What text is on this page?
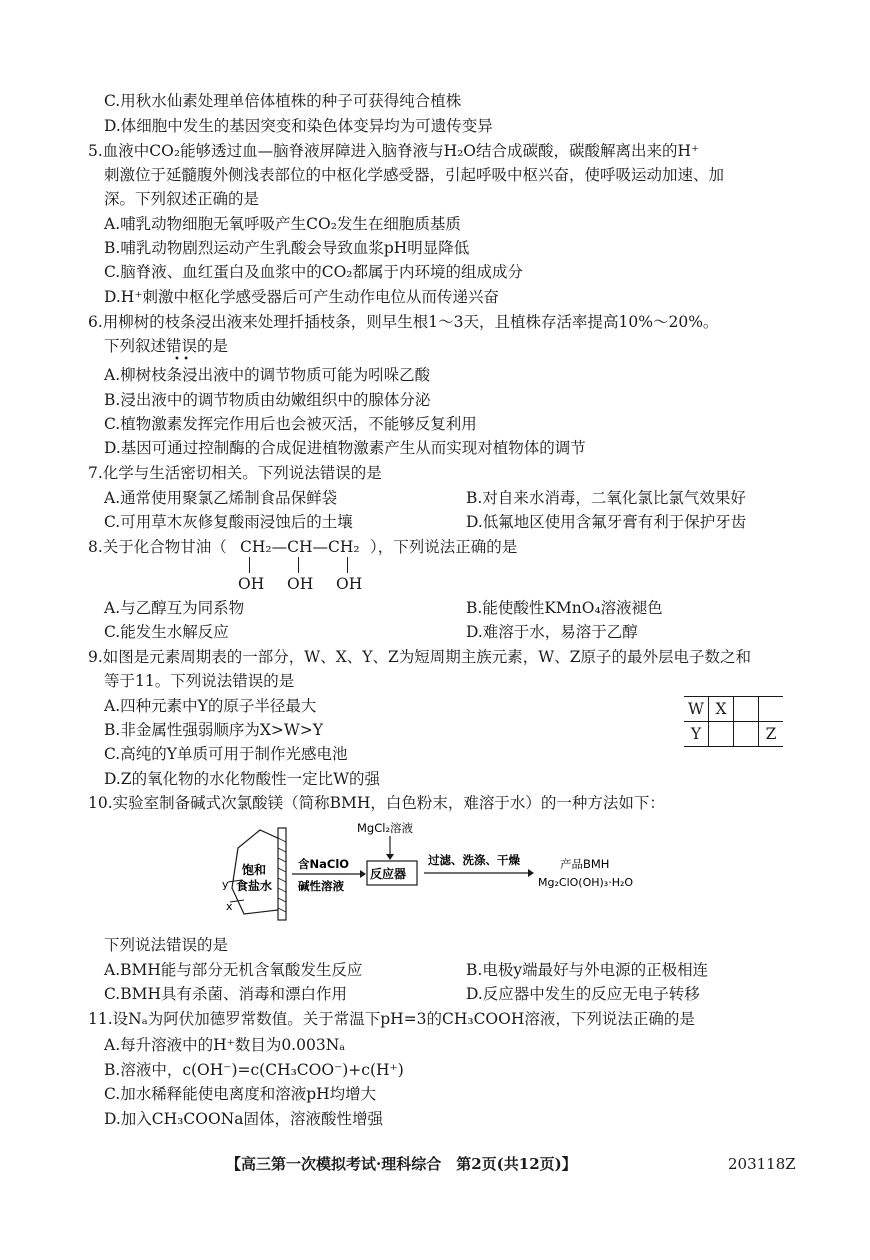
C.用秋水仙素处理单倍体植株的种子可获得纯合植株
D.体细胞中发生的基因突变和染色体变异均为可遗传变异
5.血液中CO₂能够透过血—脑脊液屏障进入脑脊液与H₂O结合成碳酸，碳酸解离出来的H⁺
刺激位于延髓腹外侧浅表部位的中枢化学感受器，引起呼吸中枢兴奋，使呼吸运动加速、加
深。下列叙述正确的是
A.哺乳动物细胞无氧呼吸产生CO₂发生在细胞质基质
B.哺乳动物剧烈运动产生乳酸会导致血浆pH明显降低
C.脑脊液、血红蛋白及血浆中的CO₂都属于内环境的组成成分
D.H⁺刺激中枢化学感受器后可产生动作电位从而传递兴奋
6.用柳树的枝条浸出液来处理扦插枝条，则早生根1～3天，且植株存活率提高10%～20%。
下列叙述错误
• •
的是
A.柳树枝条浸出液中的调节物质可能为吲哚乙酸
B.浸出液中的调节物质由幼嫩组织中的腺体分泌
C.植物激素发挥完作用后也会被灭活，不能够反复利用
D.基因可通过控制酶的合成促进植物激素产生从而实现对植物体的调节
7.化学与生活密切相关。下列说法错误的是
A.通常使用聚氯乙烯制食品保鲜袋	B.对自来水消毒，二氧化氯比氯气效果好
C.可用草木灰修复酸雨浸蚀后的土壤	D.低氟地区使用含氟牙膏有利于保护牙齿
8.关于化合物甘油（ CH₂—CH—CH₂ ），下列说法正确的是
OH OH OH
A.与乙醇互为同系物	B.能使酸性KMnO₄溶液褪色
C.能发生水解反应	D.难溶于水，易溶于乙醇
9.如图是元素周期表的一部分，W、X、Y、Z为短周期主族元素，W、Z原子的最外层电子数之和
等于11。下列说法错误的是
A.四种元素中Y的原子半径最大
B.非金属性强弱顺序为X>W>Y
C.高纯的Y单质可用于制作光感电池
D.Z的氧化物的水化物酸性一定比W的强
W	X		
Y			Z
10.实验室制备碱式次氯酸镁（简称BMH，白色粉末，难溶于水）的一种方法如下：
y
x
饱和
食盐水
含NaClO
碱性溶液
MgCl₂溶液
反应器
过滤、洗涤、干燥	产品BMH
Mg₂ClO(OH)₃·H₂O
下列说法错误的是
A.BMH能与部分无机含氧酸发生反应	B.电极y端最好与外电源的正极相连
C.BMH具有杀菌、消毒和漂白作用	D.反应器中发生的反应无电子转移
11.设Nₐ为阿伏加德罗常数值。关于常温下pH=3的CH₃COOH溶液，下列说法正确的是
A.每升溶液中的H⁺数目为0.003Nₐ
B.溶液中，c(OH⁻)=c(CH₃COO⁻)+c(H⁺)
C.加水稀释能使电离度和溶液pH均增大
D.加入CH₃COONa固体，溶液酸性增强
【高三第一次模拟考试·理科综合　第2页(共12页)】	203118Z
